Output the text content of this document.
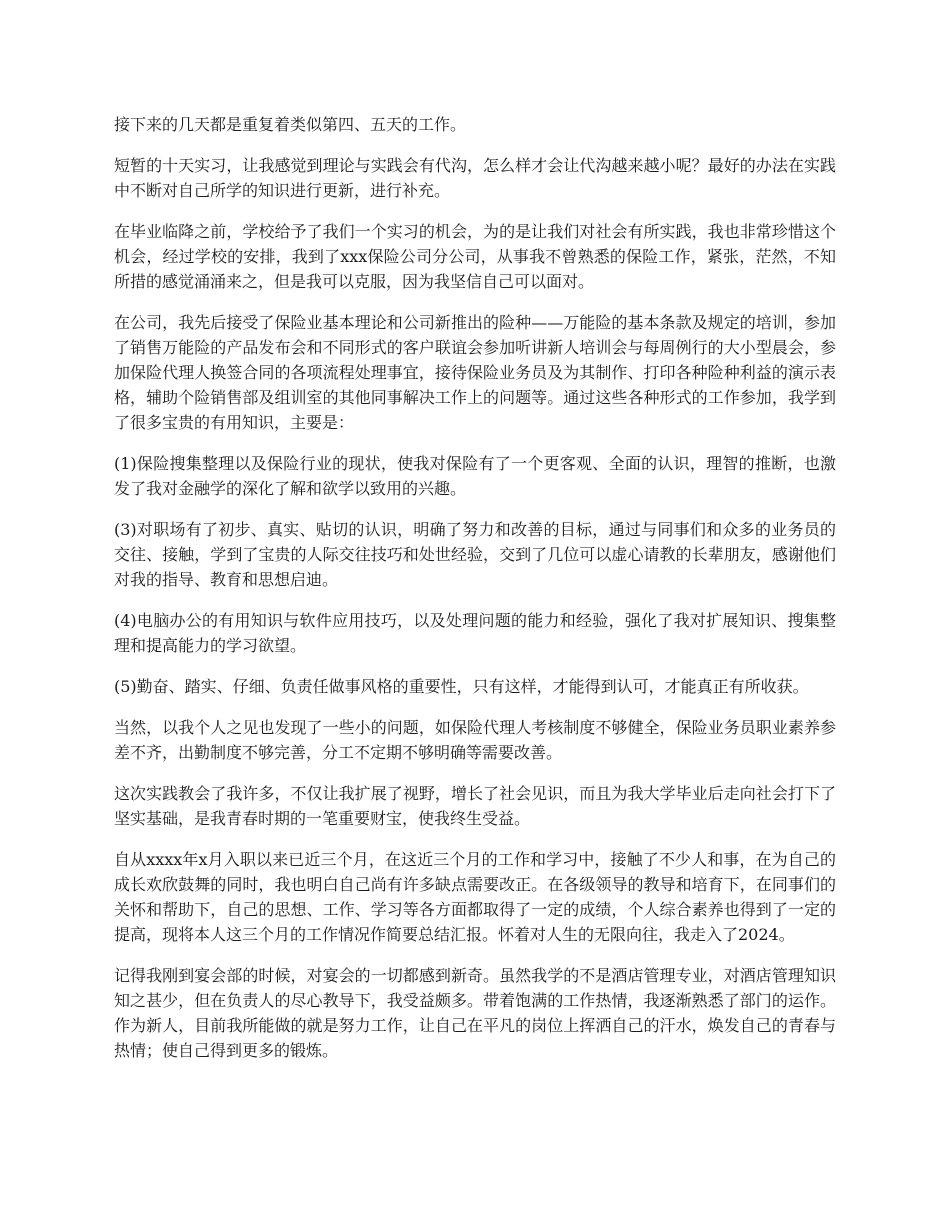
接下来的几天都是重复着类似第四、五天的工作。

短暂的十天实习，让我感觉到理论与实践会有代沟，怎么样才会让代沟越来越小呢？最好的办法在实践中不断对自己所学的知识进行更新，进行补充。

在毕业临降之前，学校给予了我们一个实习的机会，为的是让我们对社会有所实践，我也非常珍惜这个机会，经过学校的安排，我到了xxx保险公司分公司，从事我不曾熟悉的保险工作，紧张，茫然，不知所措的感觉涌涌来之，但是我可以克服，因为我坚信自己可以面对。

在公司，我先后接受了保险业基本理论和公司新推出的险种——万能险的基本条款及规定的培训，参加了销售万能险的产品发布会和不同形式的客户联谊会参加听讲新人培训会与每周例行的大小型晨会，参加保险代理人换签合同的各项流程处理事宜，接待保险业务员及为其制作、打印各种险种利益的演示表格，辅助个险销售部及组训室的其他同事解决工作上的问题等。通过这些各种形式的工作参加，我学到了很多宝贵的有用知识，主要是：

(1)保险搜集整理以及保险行业的现状，使我对保险有了一个更客观、全面的认识，理智的推断，也激发了我对金融学的深化了解和欲学以致用的兴趣。

(3)对职场有了初步、真实、贴切的认识，明确了努力和改善的目标，通过与同事们和众多的业务员的交往、接触，学到了宝贵的人际交往技巧和处世经验，交到了几位可以虚心请教的长辈朋友，感谢他们对我的指导、教育和思想启迪。

(4)电脑办公的有用知识与软件应用技巧，以及处理问题的能力和经验，强化了我对扩展知识、搜集整理和提高能力的学习欲望。

(5)勤奋、踏实、仔细、负责任做事风格的重要性，只有这样，才能得到认可，才能真正有所收获。

当然，以我个人之见也发现了一些小的问题，如保险代理人考核制度不够健全，保险业务员职业素养参差不齐，出勤制度不够完善，分工不定期不够明确等需要改善。

这次实践教会了我许多，不仅让我扩展了视野，增长了社会见识，而且为我大学毕业后走向社会打下了坚实基础，是我青春时期的一笔重要财宝，使我终生受益。

自从xxxx年x月入职以来已近三个月，在这近三个月的工作和学习中，接触了不少人和事，在为自己的成长欢欣鼓舞的同时，我也明白自己尚有许多缺点需要改正。在各级领导的教导和培育下，在同事们的关怀和帮助下，自己的思想、工作、学习等各方面都取得了一定的成绩，个人综合素养也得到了一定的提高，现将本人这三个月的工作情况作简要总结汇报。怀着对人生的无限向往，我走入了2024。

记得我刚到宴会部的时候，对宴会的一切都感到新奇。虽然我学的不是酒店管理专业，对酒店管理知识知之甚少，但在负责人的尽心教导下，我受益颇多。带着饱满的工作热情，我逐渐熟悉了部门的运作。作为新人，目前我所能做的就是努力工作，让自己在平凡的岗位上挥洒自己的汗水，焕发自己的青春与热情；使自己得到更多的锻炼。
